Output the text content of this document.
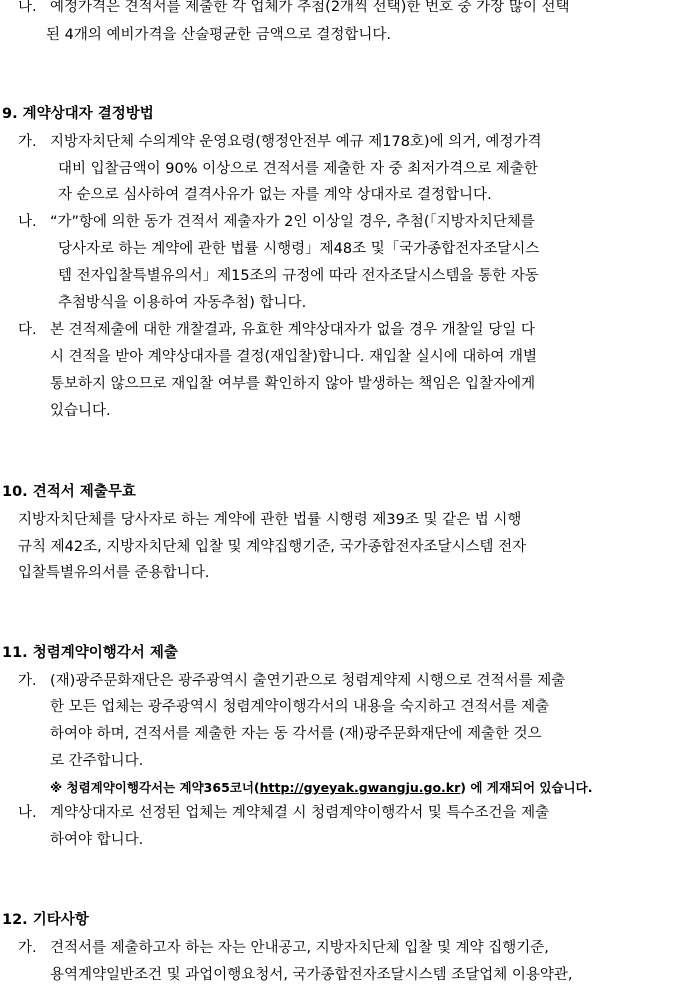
나. 예정가격은 견적서를 제출한 각 업체가 추첨(2개씩 선택)한 번호 중 가장 많이 선택
된 4개의 예비가격을 산술평균한 금액으로 결정합니다.
9. 계약상대자 결정방법
가. 지방자치단체 수의계약 운영요령(행정안전부 예규 제178호)에 의거, 예정가격
대비 입찰금액이 90% 이상으로 견적서를 제출한 자 중 최저가격으로 제출한
자 순으로 심사하여 결격사유가 없는 자를 계약 상대자로 결정합니다.
나. “가”항에 의한 동가 견적서 제출자가 2인 이상일 경우, 추첨(「지방자치단체를
당사자로 하는 계약에 관한 법률 시행령」제48조 및「국가종합전자조달시스
템 전자입찰특별유의서」제15조의 규정에 따라 전자조달시스템을 통한 자동
추첨방식을 이용하여 자동추첨) 합니다.
다. 본 견적제출에 대한 개찰결과, 유효한 계약상대자가 없을 경우 개찰일 당일 다
시 견적을 받아 계약상대자를 결정(재입찰)합니다. 재입찰 실시에 대하여 개별
통보하지 않으므로 재입찰 여부를 확인하지 않아 발생하는 책임은 입찰자에게
있습니다.
10. 견적서 제출무효
지방자치단체를 당사자로 하는 계약에 관한 법률 시행령 제39조 및 같은 법 시행
규칙 제42조, 지방자치단체 입찰 및 계약집행기준, 국가종합전자조달시스템 전자
입찰특별유의서를 준용합니다.
11. 청렴계약이행각서 제출
가. (재)광주문화재단은 광주광역시 출연기관으로 청렴계약제 시행으로 견적서를 제출
한 모든 업체는 광주광역시 청렴계약이행각서의 내용을 숙지하고 견적서를 제출
하여야 하며, 견적서를 제출한 자는 동 각서를 (재)광주문화재단에 제출한 것으
로 간주합니다.
※ 청렴계약이행각서는 계약365코너(http://gyeyak.gwangju.go.kr) 에 게재되어 있습니다.
나. 계약상대자로 선정된 업체는 계약체결 시 청렴계약이행각서 및 특수조건을 제출
하여야 합니다.
12. 기타사항
가. 견적서를 제출하고자 하는 자는 안내공고, 지방자치단체 입찰 및 계약 집행기준,
용역계약일반조건 및 과업이행요청서, 국가종합전자조달시스템 조달업체 이용약관,
